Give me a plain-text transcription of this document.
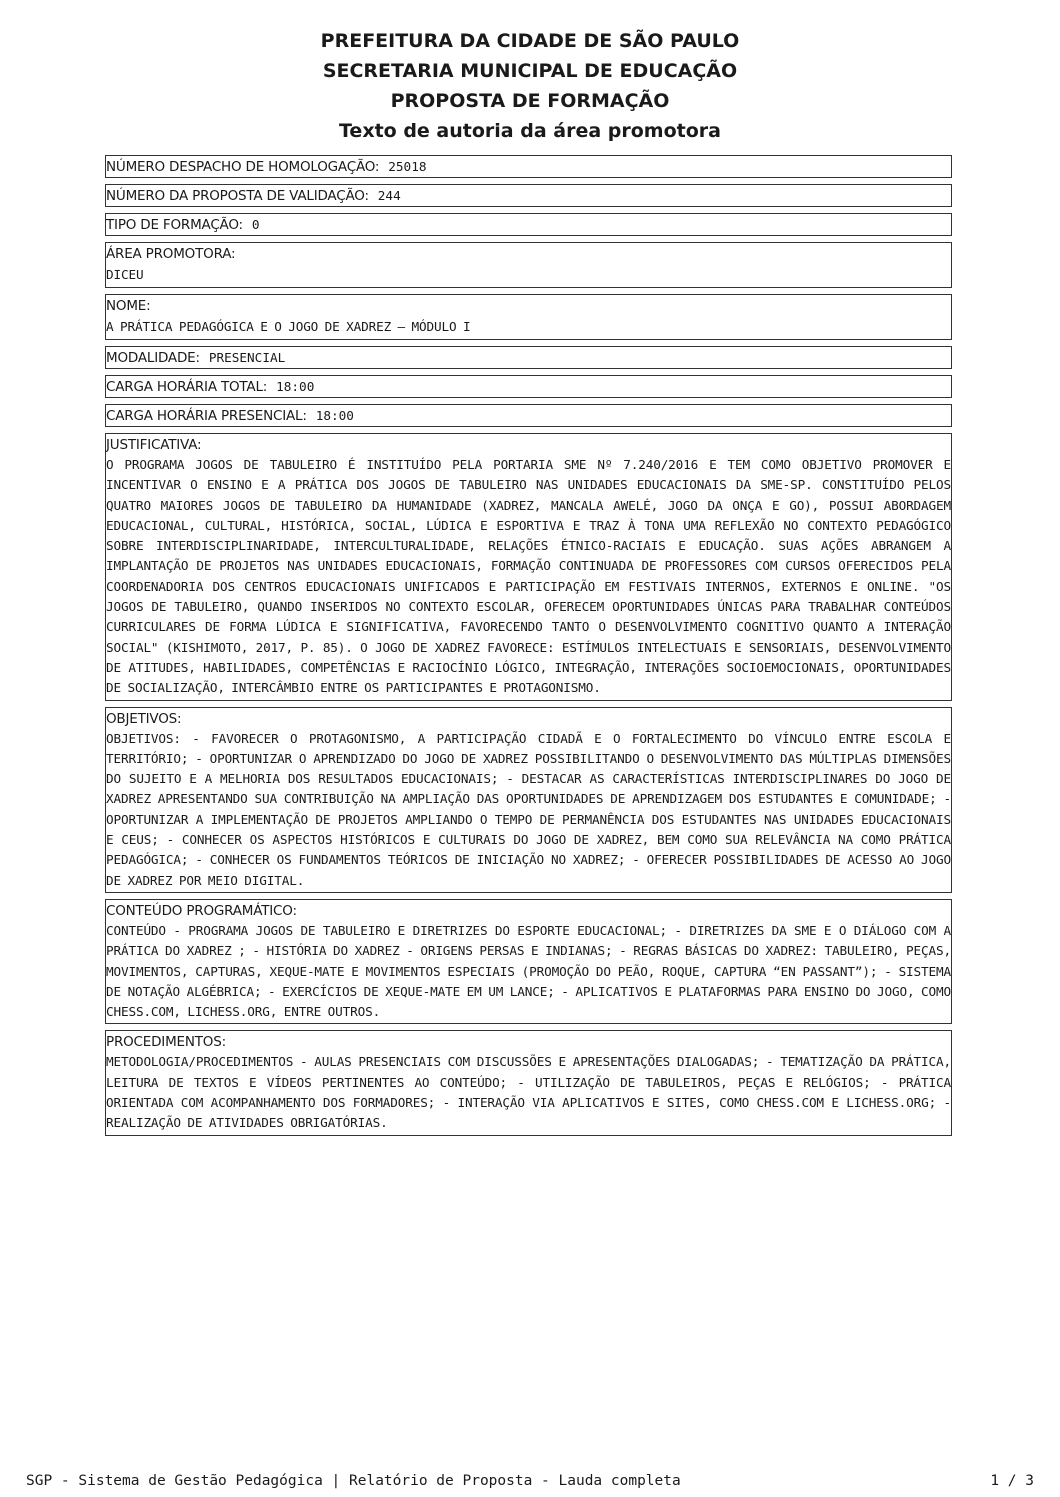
PREFEITURA DA CIDADE DE SÃO PAULO
SECRETARIA MUNICIPAL DE EDUCAÇÃO
PROPOSTA DE FORMAÇÃO
Texto de autoria da área promotora
NÚMERO DESPACHO DE HOMOLOGAÇÃO: 25018
NÚMERO DA PROPOSTA DE VALIDAÇÃO: 244
TIPO DE FORMAÇÃO: 0
ÁREA PROMOTORA:
DICEU
NOME:
A PRÁTICA PEDAGÓGICA E O JOGO DE XADREZ – MÓDULO I
MODALIDADE: PRESENCIAL
CARGA HORÁRIA TOTAL: 18:00
CARGA HORÁRIA PRESENCIAL: 18:00
JUSTIFICATIVA:
O PROGRAMA JOGOS DE TABULEIRO É INSTITUÍDO PELA PORTARIA SME Nº 7.240/2016 E TEM COMO OBJETIVO PROMOVER E INCENTIVAR O ENSINO E A PRÁTICA DOS JOGOS DE TABULEIRO NAS UNIDADES EDUCACIONAIS DA SME-SP. CONSTITUÍDO PELOS QUATRO MAIORES JOGOS DE TABULEIRO DA HUMANIDADE (XADREZ, MANCALA AWELÉ, JOGO DA ONÇA E GO), POSSUI ABORDAGEM EDUCACIONAL, CULTURAL, HISTÓRICA, SOCIAL, LÚDICA E ESPORTIVA E TRAZ À TONA UMA REFLEXÃO NO CONTEXTO PEDAGÓGICO SOBRE INTERDISCIPLINARIDADE, INTERCULTURALIDADE, RELAÇÕES ÉTNICO-RACIAIS E EDUCAÇÃO. SUAS AÇÕES ABRANGEM A IMPLANTAÇÃO DE PROJETOS NAS UNIDADES EDUCACIONAIS, FORMAÇÃO CONTINUADA DE PROFESSORES COM CURSOS OFERECIDOS PELA COORDENADORIA DOS CENTROS EDUCACIONAIS UNIFICADOS E PARTICIPAÇÃO EM FESTIVAIS INTERNOS, EXTERNOS E ONLINE. "OS JOGOS DE TABULEIRO, QUANDO INSERIDOS NO CONTEXTO ESCOLAR, OFERECEM OPORTUNIDADES ÚNICAS PARA TRABALHAR CONTEÚDOS CURRICULARES DE FORMA LÚDICA E SIGNIFICATIVA, FAVORECENDO TANTO O DESENVOLVIMENTO COGNITIVO QUANTO A INTERAÇÃO SOCIAL" (KISHIMOTO, 2017, P. 85). O JOGO DE XADREZ FAVORECE: ESTÍMULOS INTELECTUAIS E SENSORIAIS, DESENVOLVIMENTO DE ATITUDES, HABILIDADES, COMPETÊNCIAS E RACIOCÍNIO LÓGICO, INTEGRAÇÃO, INTERAÇÕES SOCIOEMOCIONAIS, OPORTUNIDADES DE SOCIALIZAÇÃO, INTERCÂMBIO ENTRE OS PARTICIPANTES E PROTAGONISMO.
OBJETIVOS:
OBJETIVOS: - FAVORECER O PROTAGONISMO, A PARTICIPAÇÃO CIDADÃ E O FORTALECIMENTO DO VÍNCULO ENTRE ESCOLA E TERRITÓRIO; - OPORTUNIZAR O APRENDIZADO DO JOGO DE XADREZ POSSIBILITANDO O DESENVOLVIMENTO DAS MÚLTIPLAS DIMENSÕES DO SUJEITO E A MELHORIA DOS RESULTADOS EDUCACIONAIS; - DESTACAR AS CARACTERÍSTICAS INTERDISCIPLINARES DO JOGO DE XADREZ APRESENTANDO SUA CONTRIBUIÇÃO NA AMPLIAÇÃO DAS OPORTUNIDADES DE APRENDIZAGEM DOS ESTUDANTES E COMUNIDADE; - OPORTUNIZAR A IMPLEMENTAÇÃO DE PROJETOS AMPLIANDO O TEMPO DE PERMANÊNCIA DOS ESTUDANTES NAS UNIDADES EDUCACIONAIS E CEUS; - CONHECER OS ASPECTOS HISTÓRICOS E CULTURAIS DO JOGO DE XADREZ, BEM COMO SUA RELEVÂNCIA NA COMO PRÁTICA PEDAGÓGICA; - CONHECER OS FUNDAMENTOS TEÓRICOS DE INICIAÇÃO NO XADREZ; - OFERECER POSSIBILIDADES DE ACESSO AO JOGO DE XADREZ POR MEIO DIGITAL.
CONTEÚDO PROGRAMÁTICO:
CONTEÚDO - PROGRAMA JOGOS DE TABULEIRO E DIRETRIZES DO ESPORTE EDUCACIONAL; - DIRETRIZES DA SME E O DIÁLOGO COM A PRÁTICA DO XADREZ ; - HISTÓRIA DO XADREZ - ORIGENS PERSAS E INDIANAS; - REGRAS BÁSICAS DO XADREZ: TABULEIRO, PEÇAS, MOVIMENTOS, CAPTURAS, XEQUE-MATE E MOVIMENTOS ESPECIAIS (PROMOÇÃO DO PEÃO, ROQUE, CAPTURA “EN PASSANT”); - SISTEMA DE NOTAÇÃO ALGÉBRICA; - EXERCÍCIOS DE XEQUE-MATE EM UM LANCE; - APLICATIVOS E PLATAFORMAS PARA ENSINO DO JOGO, COMO CHESS.COM, LICHESS.ORG, ENTRE OUTROS.
PROCEDIMENTOS:
METODOLOGIA/PROCEDIMENTOS - AULAS PRESENCIAIS COM DISCUSSÕES E APRESENTAÇÕES DIALOGADAS; - TEMATIZAÇÃO DA PRÁTICA, LEITURA DE TEXTOS E VÍDEOS PERTINENTES AO CONTEÚDO; - UTILIZAÇÃO DE TABULEIROS, PEÇAS E RELÓGIOS; - PRÁTICA ORIENTADA COM ACOMPANHAMENTO DOS FORMADORES; - INTERAÇÃO VIA APLICATIVOS E SITES, COMO CHESS.COM E LICHESS.ORG; - REALIZAÇÃO DE ATIVIDADES OBRIGATÓRIAS.
SGP - Sistema de Gestão Pedagógica | Relatório de Proposta - Lauda completa	1 / 3
